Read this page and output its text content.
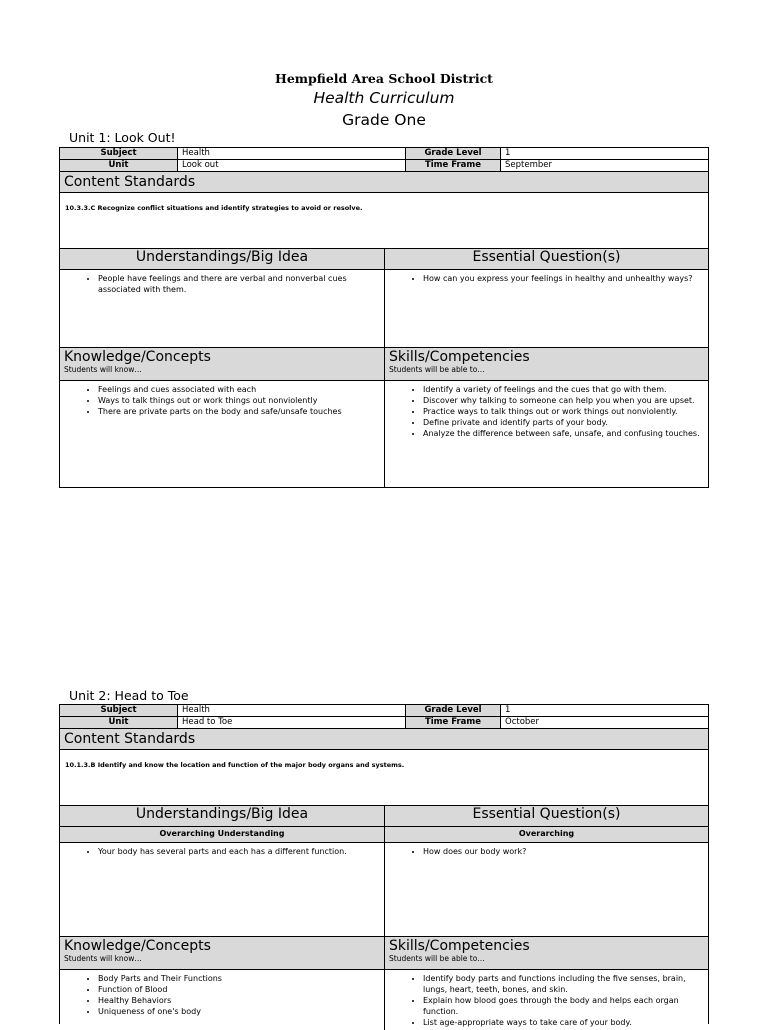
Hempfield Area School District
Health Curriculum
Grade One
Unit 1: Look Out!
Subject	Health	Grade Level	1
Unit	Look out	Time Frame	September
Content Standards
10.3.3.C Recognize conflict situations and identify strategies to avoid or resolve.
Understandings/Big Idea	Essential Question(s)
• People have feelings and there are verbal and nonverbal cues associated with them.
• How can you express your feelings in healthy and unhealthy ways?
Knowledge/Concepts
Students will know…
Skills/Competencies
Students will be able to…
• Feelings and cues associated with each
• Ways to talk things out or work things out nonviolently
• There are private parts on the body and safe/unsafe touches
• Identify a variety of feelings and the cues that go with them.
• Discover why talking to someone can help you when you are upset.
• Practice ways to talk things out or work things out nonviolently.
• Define private and identify parts of your body.
• Analyze the difference between safe, unsafe, and confusing touches.
Unit 2: Head to Toe
Subject	Health	Grade Level	1
Unit	Head to Toe	Time Frame	October
Content Standards
10.1.3.B Identify and know the location and function of the major body organs and systems.
Understandings/Big Idea	Essential Question(s)
Overarching Understanding	Overarching
• Your body has several parts and each has a different function.
•	How does our body work?
Knowledge/Concepts
Students will know…
Skills/Competencies
Students will be able to…
• Body Parts and Their Functions
• Function of Blood
• Healthy Behaviors
• Uniqueness of one's body
• Identify body parts and functions including the five senses, brain, lungs, heart, teeth, bones, and skin.
• Explain how blood goes through the body and helps each organ function.
• List age-appropriate ways to take care of your body.
